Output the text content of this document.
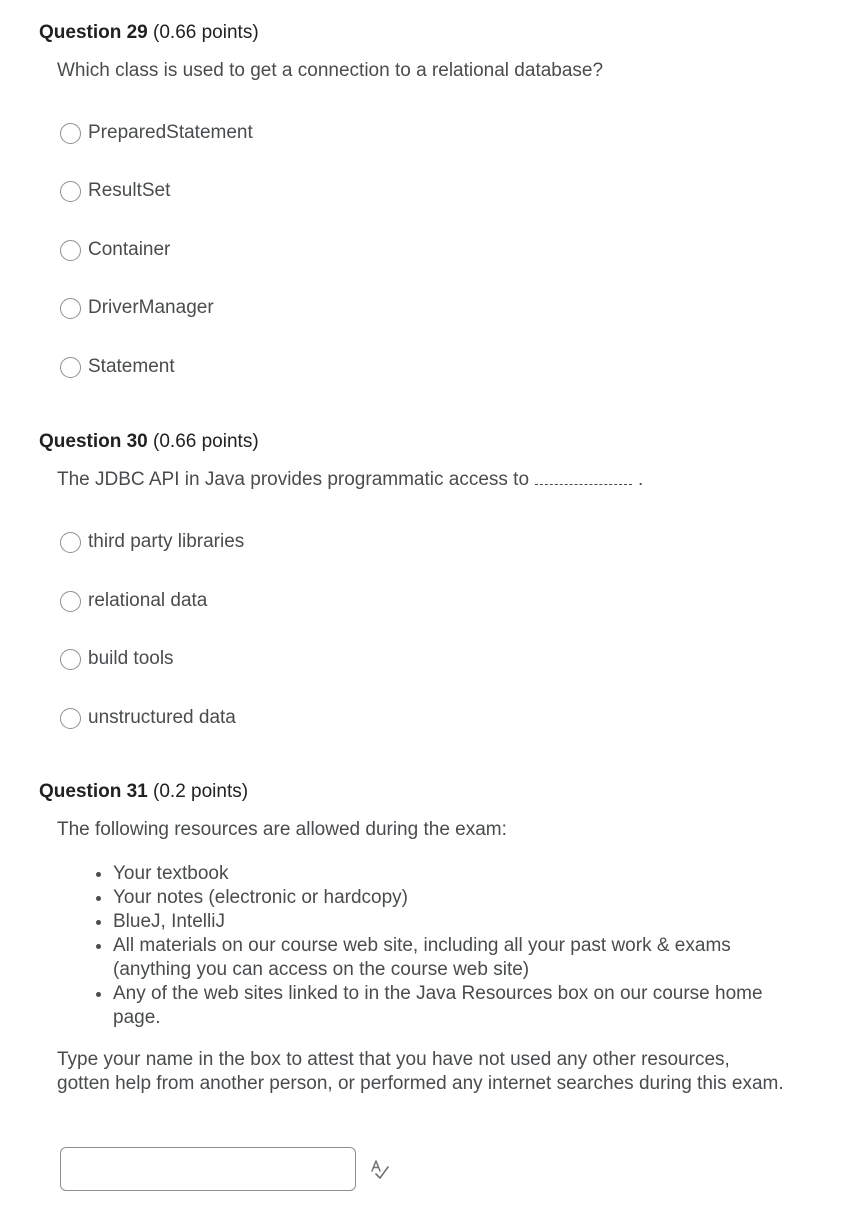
Question 29 (0.66 points)
Which class is used to get a connection to a relational database?
PreparedStatement
ResultSet
Container
DriverManager
Statement
Question 30 (0.66 points)
The JDBC API in Java provides programmatic access to	.
third party libraries
relational data
build tools
unstructured data
Question 31 (0.2 points)
The following resources are allowed during the exam:
• Your textbook
• Your notes (electronic or hardcopy)
• BlueJ, IntelliJ
• All materials on our course web site, including all your past work & exams (anything you can access on the course web site)
• Any of the web sites linked to in the Java Resources box on our course home page.
Type your name in the box to attest that you have not used any other resources, gotten help from another person, or performed any internet searches during this exam.
